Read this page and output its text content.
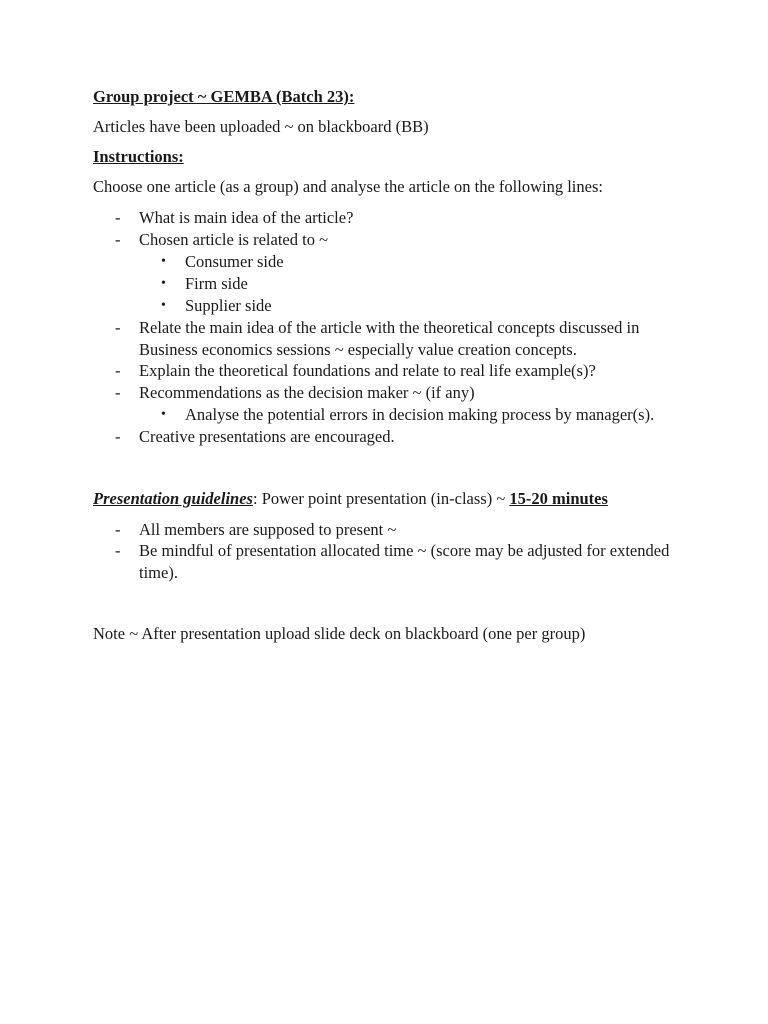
Group project ~ GEMBA (Batch 23):

Articles have been uploaded ~ on blackboard (BB)

Instructions:

Choose one article (as a group) and analyse the article on the following lines:

- What is main idea of the article?
- Chosen article is related to ~
• Consumer side
• Firm side
• Supplier side
- Relate the main idea of the article with the theoretical concepts discussed in Business economics sessions ~ especially value creation concepts.
- Explain the theoretical foundations and relate to real life example(s)?
- Recommendations as the decision maker ~ (if any)
• Analyse the potential errors in decision making process by manager(s).
- Creative presentations are encouraged.

Presentation guidelines: Power point presentation (in-class) ~ 15-20 minutes

- All members are supposed to present ~
- Be mindful of presentation allocated time ~ (score may be adjusted for extended time).

Note ~ After presentation upload slide deck on blackboard (one per group)
